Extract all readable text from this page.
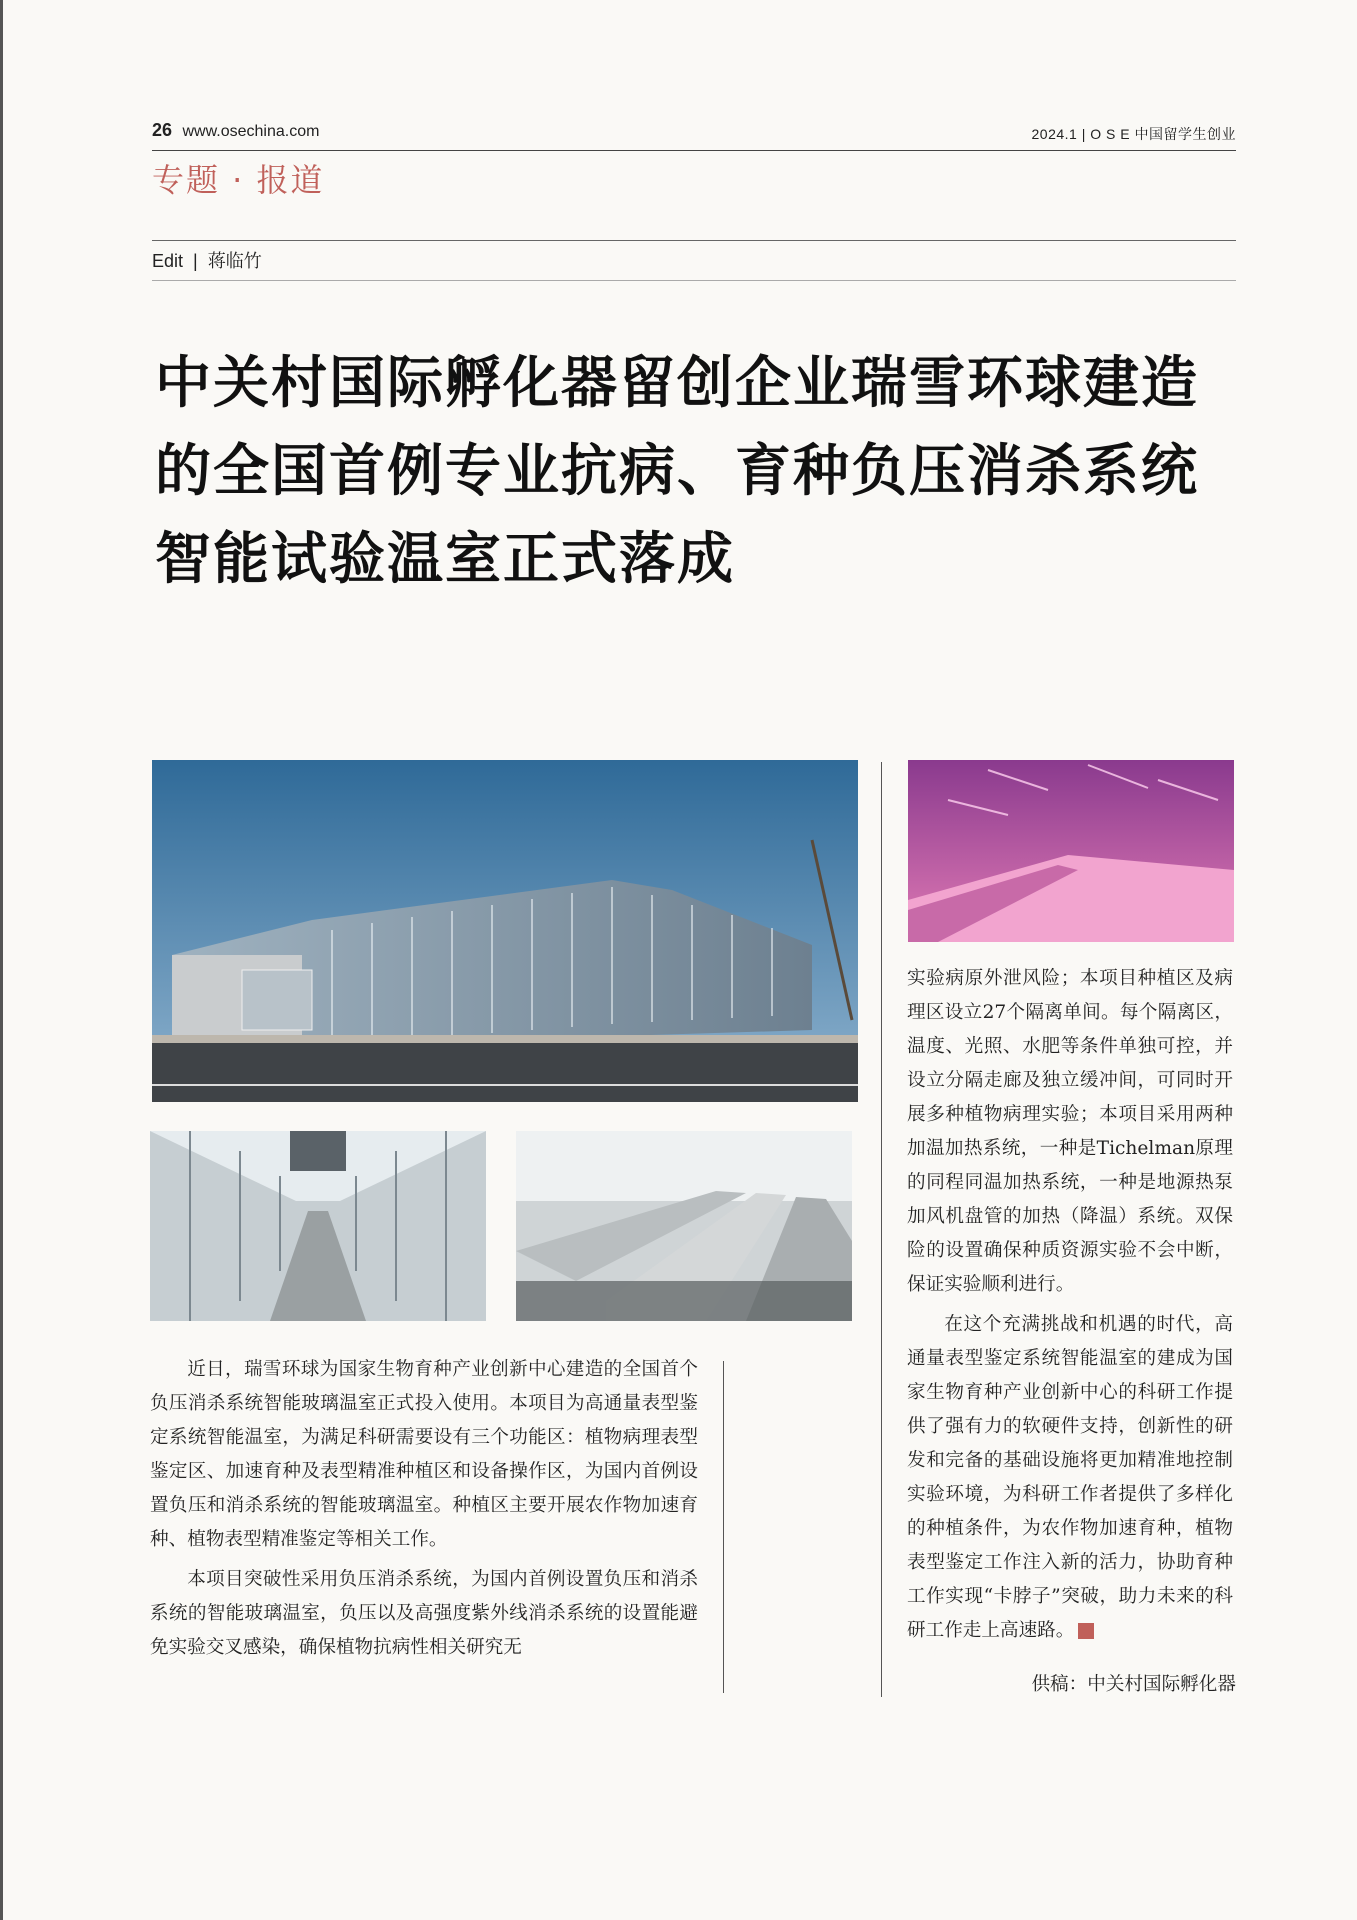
26 www.osechina.com	2024.1 | O S E 中国留学生创业
专题 · 报道
Edit | 蒋临竹
中关村国际孵化器留创企业瑞雪环球建造的全国首例专业抗病、育种负压消杀系统智能试验温室正式落成

近日，瑞雪环球为国家生物育种产业创新中心建造的全国首个负压消杀系统智能玻璃温室正式投入使用。本项目为高通量表型鉴定系统智能温室，为满足科研需要设有三个功能区：植物病理表型鉴定区、加速育种及表型精准种植区和设备操作区，为国内首例设置负压和消杀系统的智能玻璃温室。种植区主要开展农作物加速育种、植物表型精准鉴定等相关工作。

本项目突破性采用负压消杀系统，为国内首例设置负压和消杀系统的智能玻璃温室，负压以及高强度紫外线消杀系统的设置能避免实验交叉感染，确保植物抗病性相关研究无

实验病原外泄风险；本项目种植区及病理区设立27个隔离单间。每个隔离区，温度、光照、水肥等条件单独可控，并设立分隔走廊及独立缓冲间，可同时开展多种植物病理实验；本项目采用两种加温加热系统，一种是Tichelman原理的同程同温加热系统，一种是地源热泵加风机盘管的加热（降温）系统。双保险的设置确保种质资源实验不会中断，保证实验顺利进行。

在这个充满挑战和机遇的时代，高通量表型鉴定系统智能温室的建成为国家生物育种产业创新中心的科研工作提供了强有力的软硬件支持，创新性的研发和完备的基础设施将更加精准地控制实验环境，为科研工作者提供了多样化的种植条件，为农作物加速育种，植物表型鉴定工作注入新的活力，协助育种工作实现“卡脖子”突破，助力未来的科研工作走上高速路。

供稿：中关村国际孵化器
